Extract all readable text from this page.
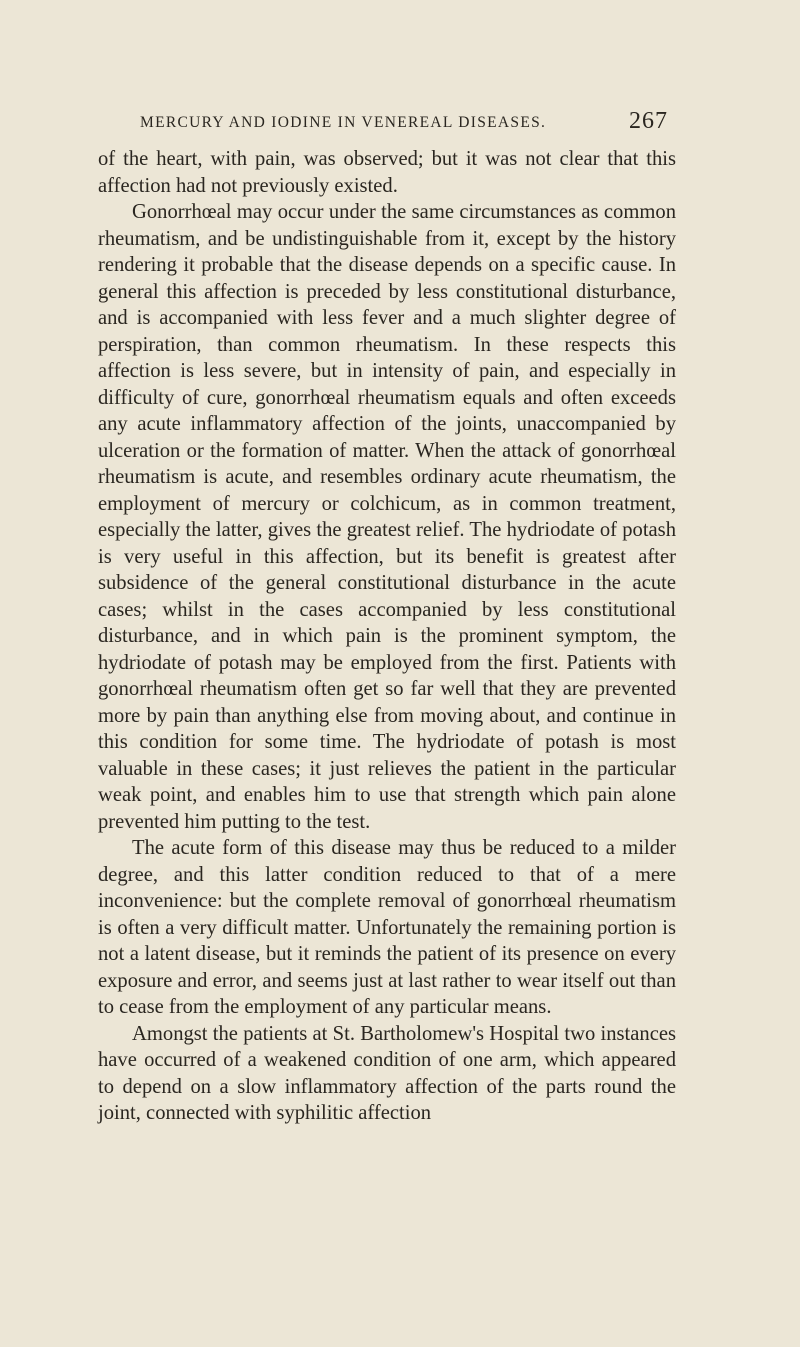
MERCURY AND IODINE IN VENEREAL DISEASES.	267

of the heart, with pain, was observed; but it was not clear that this affection had not previously existed.

Gonorrhœal may occur under the same circumstances as common rheumatism, and be undistinguishable from it, except by the history rendering it probable that the disease depends on a specific cause. In general this affection is preceded by less constitutional disturbance, and is accompanied with less fever and a much slighter degree of perspiration, than common rheumatism. In these respects this affection is less severe, but in intensity of pain, and especially in difficulty of cure, gonorrhœal rheumatism equals and often exceeds any acute inflammatory affection of the joints, unaccompanied by ulceration or the formation of matter. When the attack of gonorrhœal rheumatism is acute, and resembles ordinary acute rheumatism, the employment of mercury or colchicum, as in common treatment, especially the latter, gives the greatest relief. The hydriodate of potash is very useful in this affection, but its benefit is greatest after subsidence of the general constitutional disturbance in the acute cases; whilst in the cases accompanied by less constitutional disturbance, and in which pain is the prominent symptom, the hydriodate of potash may be employed from the first. Patients with gonorrhœal rheumatism often get so far well that they are prevented more by pain than anything else from moving about, and continue in this condition for some time. The hydriodate of potash is most valuable in these cases; it just relieves the patient in the particular weak point, and enables him to use that strength which pain alone prevented him putting to the test.

The acute form of this disease may thus be reduced to a milder degree, and this latter condition reduced to that of a mere inconvenience: but the complete removal of gonorrhœal rheumatism is often a very difficult matter. Unfortunately the remaining portion is not a latent disease, but it reminds the patient of its presence on every exposure and error, and seems just at last rather to wear itself out than to cease from the employment of any particular means.

Amongst the patients at St. Bartholomew's Hospital two instances have occurred of a weakened condition of one arm, which appeared to depend on a slow inflammatory affection of the parts round the joint, connected with syphilitic affection
